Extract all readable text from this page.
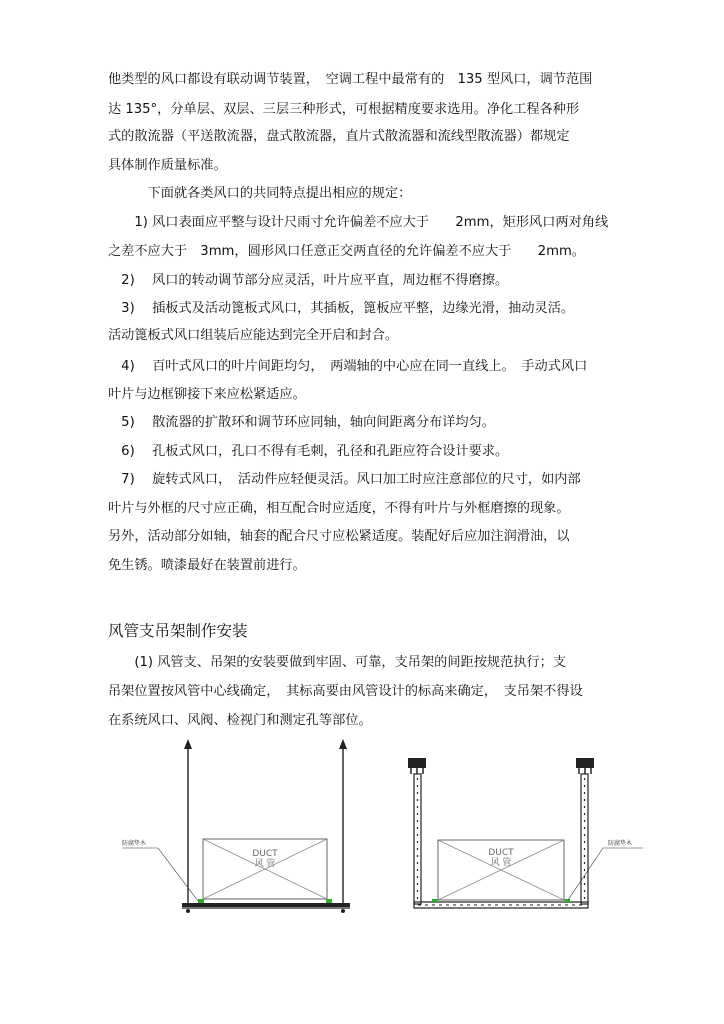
他类型的风口都设有联动调节装置，　空调工程中最常有的　135 型风口，调节范围
达 135°，分单层、双层、三层三种形式，可根据精度要求选用。净化工程各种形
式的散流器（平送散流器，盘式散流器，直片式散流器和流线型散流器）都规定
具体制作质量标准。
　　　下面就各类风口的共同特点提出相应的规定：
　　1) 风口表面应平整与设计尺雨寸允许偏差不应大于　　2mm，矩形风口两对角线
之差不应大于　3mm，圆形风口任意正交两直径的允许偏差不应大于　　2mm。
　2)　 风口的转动调节部分应灵活，叶片应平直，周边框不得磨擦。
　3)　 插板式及活动篦板式风口，其插板，篦板应平整，边缘光滑，抽动灵活。
活动篦板式风口组装后应能达到完全开启和封合。
　4)　 百叶式风口的叶片间距均匀，　两端轴的中心应在同一直线上。　手动式风口
叶片与边框铆接下来应松紧适应。
　5)　 散流器的扩散环和调节环应同轴，轴向间距离分布详均匀。
　6)　 孔板式风口，孔口不得有毛刺，孔径和孔距应符合设计要求。
　7)　 旋转式风口，　活动件应轻便灵活。风口加工时应注意部位的尺寸，如内部
叶片与外框的尺寸应正确，相互配合时应适度，不得有叶片与外框磨擦的现象。
另外，活动部分如轴，轴套的配合尺寸应松紧适度。装配好后应加注润滑油，以
免生锈。喷漆最好在装置前进行。
风管支吊架制作安装
　　(1) 风管支、吊架的安装要做到牢固、可靠，支吊架的间距按规范执行；支
吊架位置按风管中心线确定，　其标高要由风管设计的标高来确定，　支吊架不得设
在系统风口、风阀、检视门和测定孔等部位。
DUCT
风 管
防腐垫木
DUCT
风 管
防腐垫木
